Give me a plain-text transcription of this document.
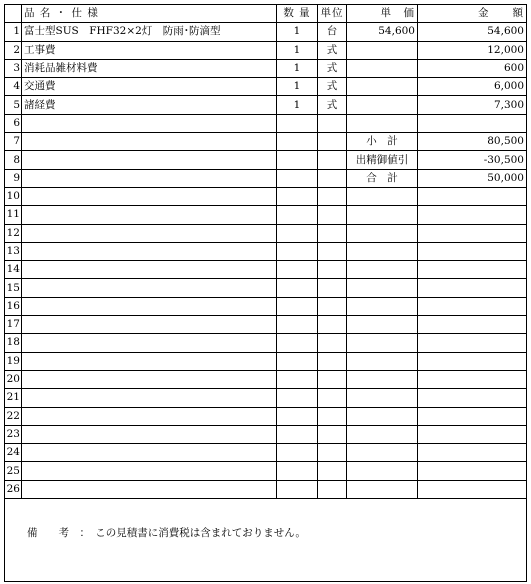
	品 名 ・ 仕 様	数 量	単位	単　価	金　　額
1	富士型SUS　FHF32×2灯　防雨･防滴型	1	台	54,600	54,600
2	工事費	1	式		12,000
3	消耗品雑材料費	1	式		600
4	交通費	1	式		6,000
5	諸経費	1	式		7,300
6					
7				小　計	80,500
8				出精御値引	-30,500
9				合　計	50,000
10					
11					
12					
13					
14					
15					
16					
17					
18					
19					
20					
21					
22					
23					
24					
25					
26					
備　　考　：　この見積書に消費税は含まれておりません。
